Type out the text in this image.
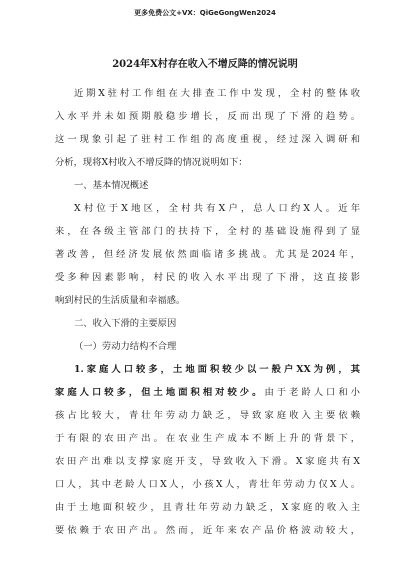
更多免费公文+VX：QiGeGongWen2024
2024年X村存在收入不增反降的情况说明
近期X驻村工作组在大排查工作中发现，全村的整体收
入水平并未如预期般稳步增长，反而出现了下滑的趋势。
这一现象引起了驻村工作组的高度重视，经过深入调研和
分析，现将X村收入不增反降的情况说明如下：
一、基本情况概述
X村位于X地区，全村共有X户，总人口约X人。近年
来，在各级主管部门的扶持下，全村的基础设施得到了显
著改善，但经济发展依然面临诸多挑战。尤其是2024年，
受多种因素影响，村民的收入水平出现了下滑，这直接影
响到村民的生活质量和幸福感。
二、收入下滑的主要原因
（一）劳动力结构不合理
1.家庭人口较多，土地面积较少以一般户XX为例，其
家庭人口较多，但土地面积相对较少。由于老龄人口和小
孩占比较大，青壮年劳动力缺乏，导致家庭收入主要依赖
于有限的农田产出。在农业生产成本不断上升的背景下，
农田产出难以支撑家庭开支，导致收入下滑。X家庭共有X
口人，其中老龄人口X人，小孩X人，青壮年劳动力仅X人。
由于土地面积较少，且青壮年劳动力缺乏，X家庭的收入主
要依赖于农田产出。然而，近年来农产品价格波动较大，
